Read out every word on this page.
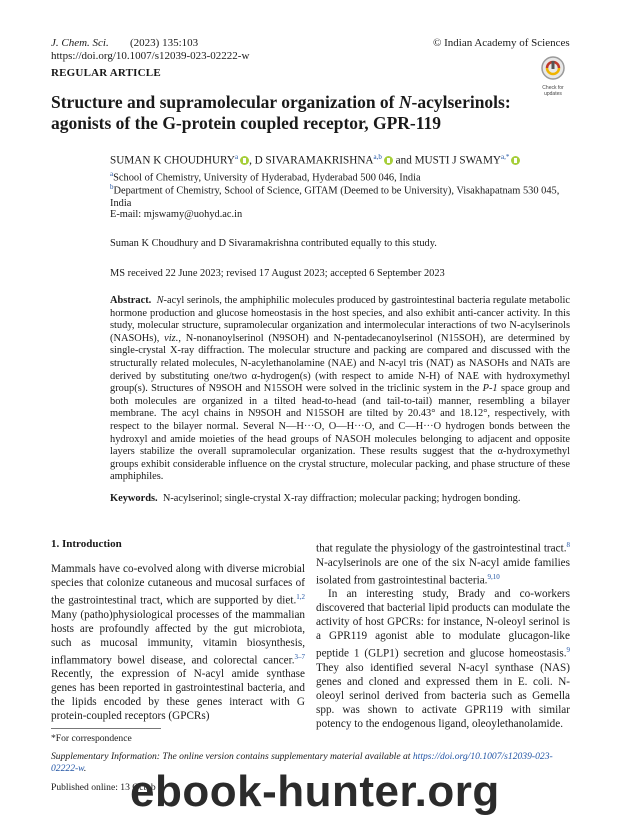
J. Chem. Sci. (2023) 135:103
https://doi.org/10.1007/s12039-023-02222-w
© Indian Academy of Sciences
REGULAR ARTICLE
Check for updates
Structure and supramolecular organization of N-acylserinols:
agonists of the G-protein coupled receptor, GPR-119
SUMAN K CHOUDHURY$^a$ , D SIVARAMAKRISHNA$^{a,b}$ and MUSTI J $SWAMY^{a,*}$
$^a$School of Chemistry, University of Hyderabad, Hyderabad 500 046, India
$^b$Department of Chemistry, School of Science, GITAM (Deemed to be University), Visakhapatnam 530 045, India
E-mail: mjswamy@uohyd.ac.in
Suman K Choudhury and D Sivaramakrishna contributed equally to this study.
MS received 22 June 2023; revised 17 August 2023; accepted 6 September 2023
Abstract. N-acyl serinols, the amphiphilic molecules produced by gastrointestinal bacteria regulate metabolic hormone production and glucose homeostasis in the host species, and also exhibit anti-cancer activity. In this study, molecular structure, supramolecular organization and intermolecular interactions of two N-acylserinols (NASOHs), viz., N-nonanoylserinol (N9SOH) and N-pentadecanoylserinol (N15SOH), are determined by single-crystal X-ray diffraction. The molecular structure and packing are compared and discussed with the structurally related molecules, N-acylethanolamine (NAE) and N-acyl tris (NAT) as NASOHs and NATs are derived by substituting one/two α-hydrogen(s) (with respect to amide N-H) of NAE with hydroxymethyl group(s). Structures of N9SOH and N15SOH were solved in the triclinic system in the P-1 space group and both molecules are organized in a tilted head-to-head (and tail-to-tail) manner, resembling a bilayer membrane. The acyl chains in N9SOH and N15SOH are tilted by 20.43° and 18.12°, respectively, with respect to the bilayer normal. Several N—H···O, O—H···O, and C—H···O hydrogen bonds between the hydroxyl and amide moieties of the head groups of NASOH molecules belonging to adjacent and opposite layers stabilize the overall supramolecular organization. These results suggest that the α-hydroxymethyl groups exhibit considerable influence on the crystal structure, molecular packing, and phase structure of these amphiphiles.
Keywords. N-acylserinol; single-crystal X-ray diffraction; molecular packing; hydrogen bonding.
1. Introduction
Mammals have co-evolved along with diverse microbial species that colonize cutaneous and mucosal surfaces of the gastrointestinal tract, which are supported by diet.$^{1,2}$ Many (patho)physiological processes of the mammalian hosts are profoundly affected by the gut microbiota, such as mucosal immunity, vitamin biosynthesis, inflammatory bowel disease, and colorectal cancer.$^{3-7}$ Recently, the expression of N-acyl amide synthase genes has been reported in gastrointestinal bacteria, and the lipids encoded by these genes interact with G protein-coupled receptors (GPCRs)
that regulate the physiology of the gastrointestinal tract.$^8$ N-acylserinols are one of the six N-acyl amide families isolated from gastrointestinal bacteria.$^{9,10}$
In an interesting study, Brady and co-workers discovered that bacterial lipid products can modulate the activity of host GPCRs: for instance, N-oleoyl serinol is a GPR119 agonist able to modulate glucagon-like peptide 1 (GLP1) secretion and glucose homeostasis.$^9$ They also identified several N-acyl synthase (NAS) genes and cloned and expressed them in E. coli. N-oleoyl serinol derived from bacteria such as Gemella spp. was shown to activate GPR119 with similar potency to the endogenous ligand, oleoylethanolamide.
*For correspondence
Supplementary Information: The online version contains supplementary material available at https://doi.org/10.1007/s12039-023-02222-w.
Published online: 13 Octob
ebook-hunter.org
